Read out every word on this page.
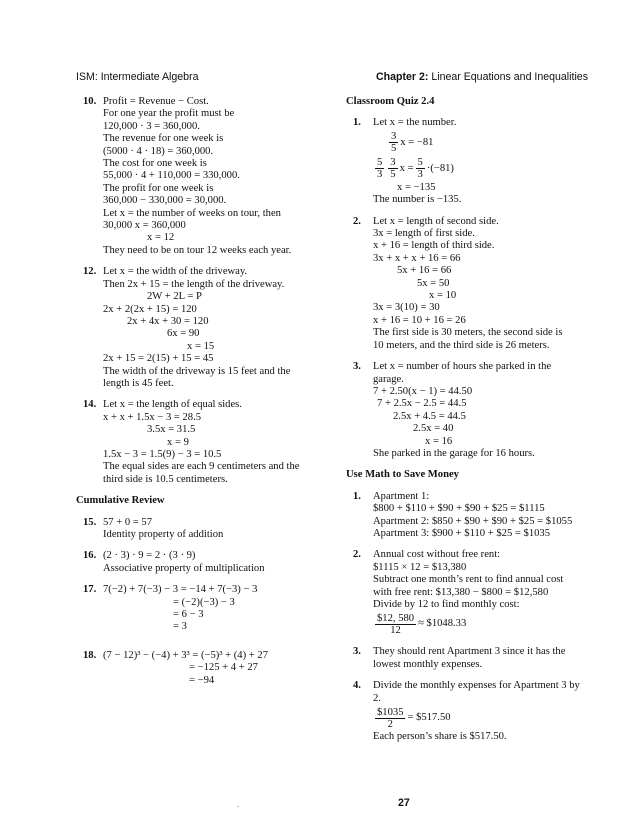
ISM: Intermediate Algebra	Chapter 2: Linear Equations and Inequalities
10. Profit = Revenue − Cost.
For one year the profit must be
120,000 · 3 = 360,000.
The revenue for one week is
(5000 · 4 · 18) = 360,000.
The cost for one week is
55,000 · 4 + 110,000 = 330,000.
The profit for one week is
360,000 − 330,000 = 30,000.
Let x = the number of weeks on tour, then
30,000 x = 360,000
x = 12
They need to be on tour 12 weeks each year.
12. Let x = the width of the driveway.
Then 2x + 15 = the length of the driveway.
2W + 2L = P
2x + 2(2x + 15) = 120
2x + 4x + 30 = 120
6x = 90
x = 15
2x + 15 = 2(15) + 15 = 45
The width of the driveway is 15 feet and the
length is 45 feet.
14. Let x = the length of equal sides.
x + x + 1.5x − 3 = 28.5
3.5x = 31.5
x = 9
1.5x − 3 = 1.5(9) − 3 = 10.5
The equal sides are each 9 centimeters and the
third side is 10.5 centimeters.
Cumulative Review
15. 57 + 0 = 57
Identity property of addition
16. (2 · 3) · 9 = 2 · (3 · 9)
Associative property of multiplication
17. 7(−2) + 7(−3) − 3 = −14 + 7(−3) − 3
= (−2)(−3) − 3
= 6 − 3
= 3
18. (7 − 12)³ − (−4) + 3³ = (−5)³ + (4) + 27
= −125 + 4 + 27
= −94
Classroom Quiz 2.4
1. Let x = the number.
$\frac{3}{5}$ x = −81
$\frac{5}{3} \frac{3}{5}$ $x = \frac{5}{3} \cdot(-81)$
x = −135
The number is −135.
2. Let x = length of second side.
3x = length of first side.
x + 16 = length of third side.
3x + x + x + 16 = 66
5x + 16 = 66
5x = 50
x = 10
3x = 3(10) = 30
x + 16 = 10 + 16 = 26
The first side is 30 meters, the second side is
10 meters, and the third side is 26 meters.
3. Let x = number of hours she parked in the
garage.
7 + 2.50(x − 1) = 44.50
7 + 2.5x − 2.5 = 44.5
2.5x + 4.5 = 44.5
2.5x = 40
x = 16
She parked in the garage for 16 hours.
Use Math to Save Money
1. Apartment 1:
$800 + $110 + $90 + $90 + $25 = $1115
Apartment 2: $850 + $90 + $90 + $25 = $1055
Apartment 3: $900 + $110 + $25 = $1035
2. Annual cost without free rent:
$1115 × 12 = $13,380
Subtract one month’s rent to find annual cost
with free rent: $13,380 − $800 = $12,580
Divide by 12 to find monthly cost:
$\frac{\$12, 580}{12}$ ≈ $1048.33
3. They should rent Apartment 3 since it has the
lowest monthly expenses.
4. Divide the monthly expenses for Apartment 3 by
2.
$\frac{\$1035}{2}$ = $517.50
Each person’s share is $517.50.
.	27
